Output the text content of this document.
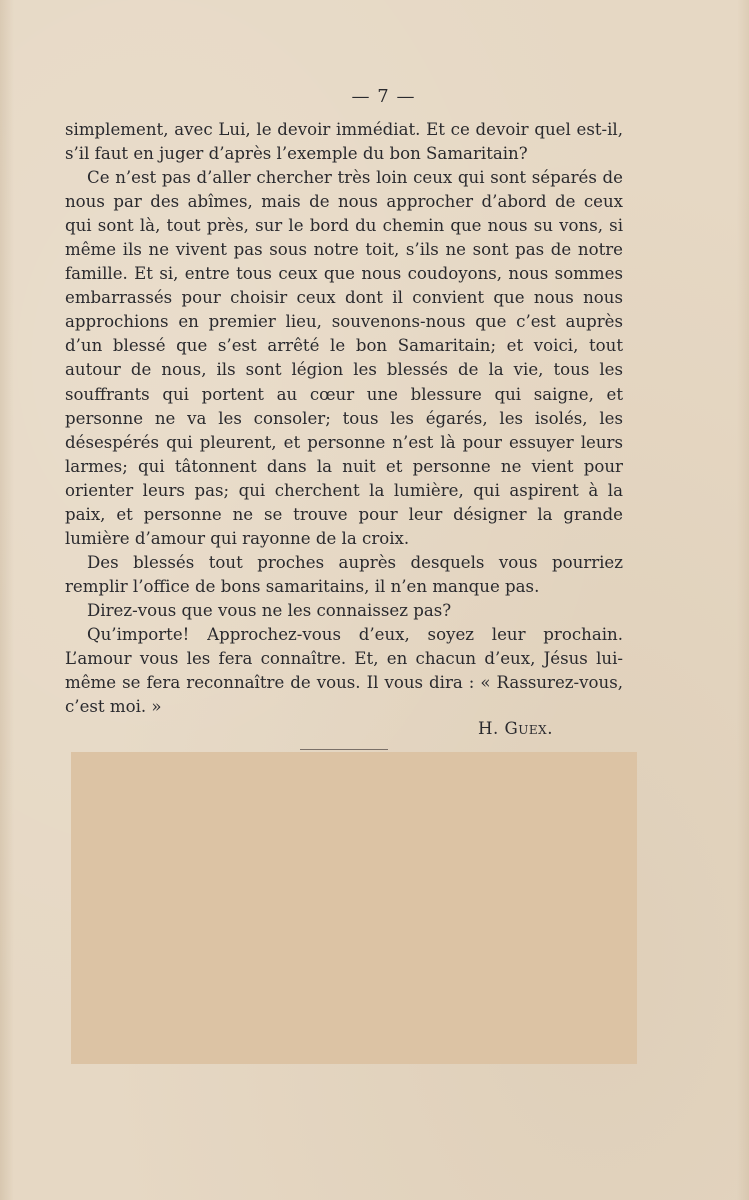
— 7 —

simplement, avec Lui, le devoir immédiat. Et ce devoir quel est-il, s’il faut en juger d’après l’exemple du bon Samaritain?

Ce n’est pas d’aller chercher très loin ceux qui sont séparés de nous par des abîmes, mais de nous approcher d’abord de ceux qui sont là, tout près, sur le bord du chemin que nous su vons, si même ils ne vivent pas sous notre toit, s’ils ne sont pas de notre famille. Et si, entre tous ceux que nous coudoyons, nous sommes embarrassés pour choisir ceux dont il convient que nous nous approchions en premier lieu, souvenons-nous que c’est auprès d’un blessé que s’est arrêté le bon Samaritain; et voici, tout autour de nous, ils sont légion les blessés de la vie, tous les souffrants qui portent au cœur une blessure qui saigne, et personne ne va les consoler; tous les égarés, les isolés, les désespérés qui pleurent, et personne n’est là pour essuyer leurs larmes; qui tâtonnent dans la nuit et personne ne vient pour orienter leurs pas; qui cherchent la lumière, qui aspirent à la paix, et personne ne se trouve pour leur désigner la grande lumière d’amour qui rayonne de la croix.

Des blessés tout proches auprès desquels vous pourriez remplir l’office de bons samaritains, il n’en manque pas.

Direz-vous que vous ne les connaissez pas?

Qu’importe! Approchez-vous d’eux, soyez leur prochain. L’amour vous les fera connaître. Et, en chacun d’eux, Jésus lui-même se fera reconnaître de vous. Il vous dira : « Rassurez-vous, c’est moi. »

H. Guex.
